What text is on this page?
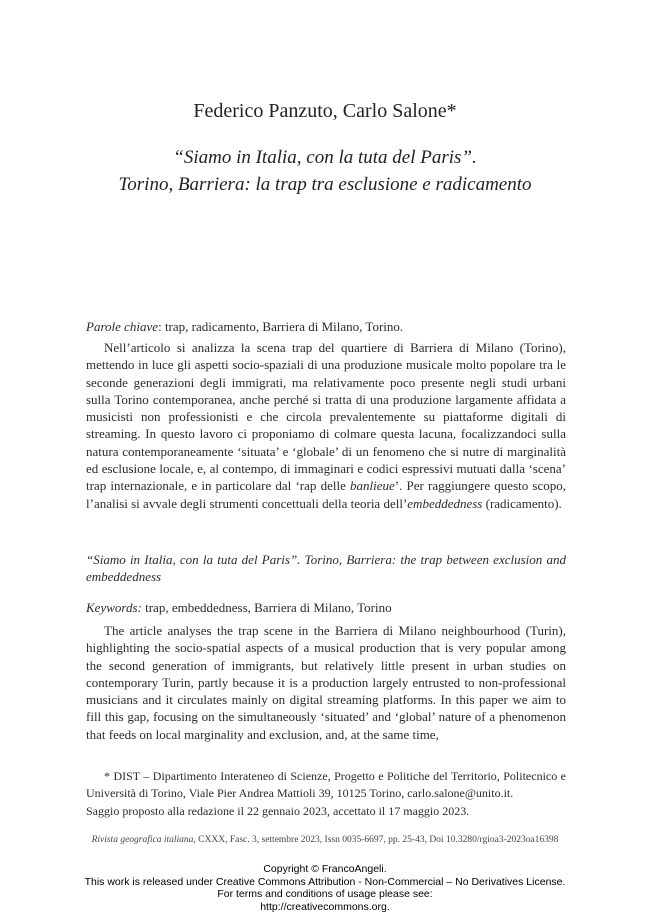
Federico Panzuto, Carlo Salone*
“Siamo in Italia, con la tuta del Paris”.
Torino, Barriera: la trap tra esclusione e radicamento
Parole chiave: trap, radicamento, Barriera di Milano, Torino.
Nell’articolo si analizza la scena trap del quartiere di Barriera di Milano (Torino), mettendo in luce gli aspetti socio-spaziali di una produzione musicale molto popolare tra le seconde generazioni degli immigrati, ma relativamente poco presente negli studi urbani sulla Torino contemporanea, anche perché si tratta di una produzione largamente affidata a musicisti non professionisti e che circola prevalentemente su piattaforme digitali di streaming. In questo lavoro ci proponiamo di colmare questa lacuna, focalizzandoci sulla natura contemporaneamente ‘situata’ e ‘globale’ di un fenomeno che si nutre di marginalità ed esclusione locale, e, al contempo, di immaginari e codici espressivi mutuati dalla ‘scena’ trap internazionale, e in particolare dal ‘rap delle banlieue’. Per raggiungere questo scopo, l’analisi si avvale degli strumenti concettuali della teoria dell’embeddedness (radicamento).
“Siamo in Italia, con la tuta del Paris”. Torino, Barriera: the trap between exclusion and embeddedness
Keywords: trap, embeddedness, Barriera di Milano, Torino
The article analyses the trap scene in the Barriera di Milano neighbourhood (Turin), highlighting the socio-spatial aspects of a musical production that is very popular among the second generation of immigrants, but relatively little present in urban studies on contemporary Turin, partly because it is a production largely entrusted to non-professional musicians and it circulates mainly on digital streaming platforms. In this paper we aim to fill this gap, focusing on the simultaneously ‘situated’ and ‘global’ nature of a phenomenon that feeds on local marginality and exclusion, and, at the same time,
* DIST – Dipartimento Interateneo di Scienze, Progetto e Politiche del Territorio, Politecnico e Università di Torino, Viale Pier Andrea Mattioli 39, 10125 Torino, carlo.salone@unito.it.
Saggio proposto alla redazione il 22 gennaio 2023, accettato il 17 maggio 2023.
Rivista geografica italiana, CXXX, Fasc. 3, settembre 2023, Issn 0035-6697, pp. 25-43, Doi 10.3280/rgioa3-2023oa16398
Copyright © FrancoAngeli.
This work is released under Creative Commons Attribution - Non-Commercial – No Derivatives License.
For terms and conditions of usage please see:
http://creativecommons.org.
